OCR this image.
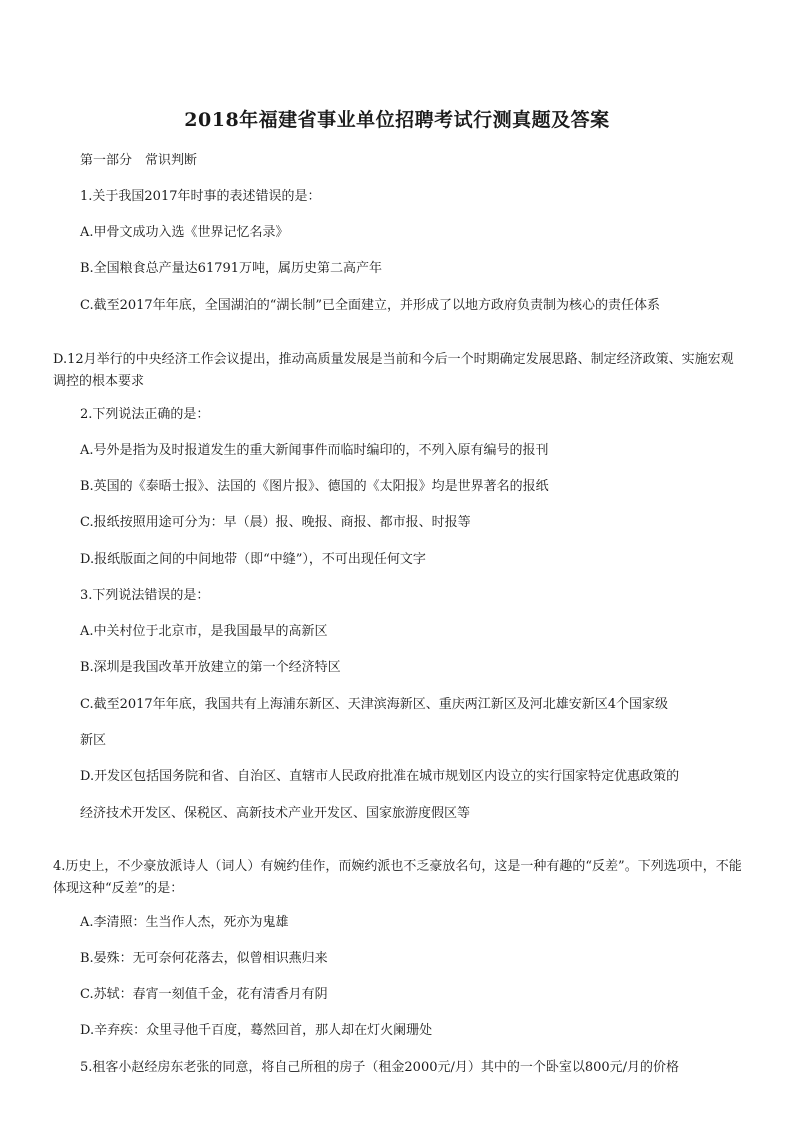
2018年福建省事业单位招聘考试行测真题及答案
第一部分　常识判断
1.关于我国2017年时事的表述错误的是：
A.甲骨文成功入选《世界记忆名录》
B.全国粮食总产量达61791万吨，属历史第二高产年
C.截至2017年年底，全国湖泊的“湖长制”已全面建立，并形成了以地方政府负责制为核心的责任体系
D.12月举行的中央经济工作会议提出，推动高质量发展是当前和今后一个时期确定发展思路、制定经济政策、实施宏观调控的根本要求
2.下列说法正确的是：
A.号外是指为及时报道发生的重大新闻事件而临时编印的，不列入原有编号的报刊
B.英国的《泰晤士报》、法国的《图片报》、德国的《太阳报》均是世界著名的报纸
C.报纸按照用途可分为：早（晨）报、晚报、商报、都市报、时报等
D.报纸版面之间的中间地带（即“中缝”），不可出现任何文字
3.下列说法错误的是：
A.中关村位于北京市，是我国最早的高新区
B.深圳是我国改革开放建立的第一个经济特区
C.截至2017年年底，我国共有上海浦东新区、天津滨海新区、重庆两江新区及河北雄安新区4个国家级
新区
D.开发区包括国务院和省、自治区、直辖市人民政府批准在城市规划区内设立的实行国家特定优惠政策的
经济技术开发区、保税区、高新技术产业开发区、国家旅游度假区等
4.历史上，不少豪放派诗人（词人）有婉约佳作，而婉约派也不乏豪放名句，这是一种有趣的“反差”。下列选项中，不能体现这种“反差”的是：
A.李清照：生当作人杰，死亦为鬼雄
B.晏殊：无可奈何花落去，似曾相识燕归来
C.苏轼：春宵一刻值千金，花有清香月有阴
D.辛弃疾：众里寻他千百度，蓦然回首，那人却在灯火阑珊处
5.租客小赵经房东老张的同意，将自己所租的房子（租金2000元/月）其中的一个卧室以800元/月的价格
